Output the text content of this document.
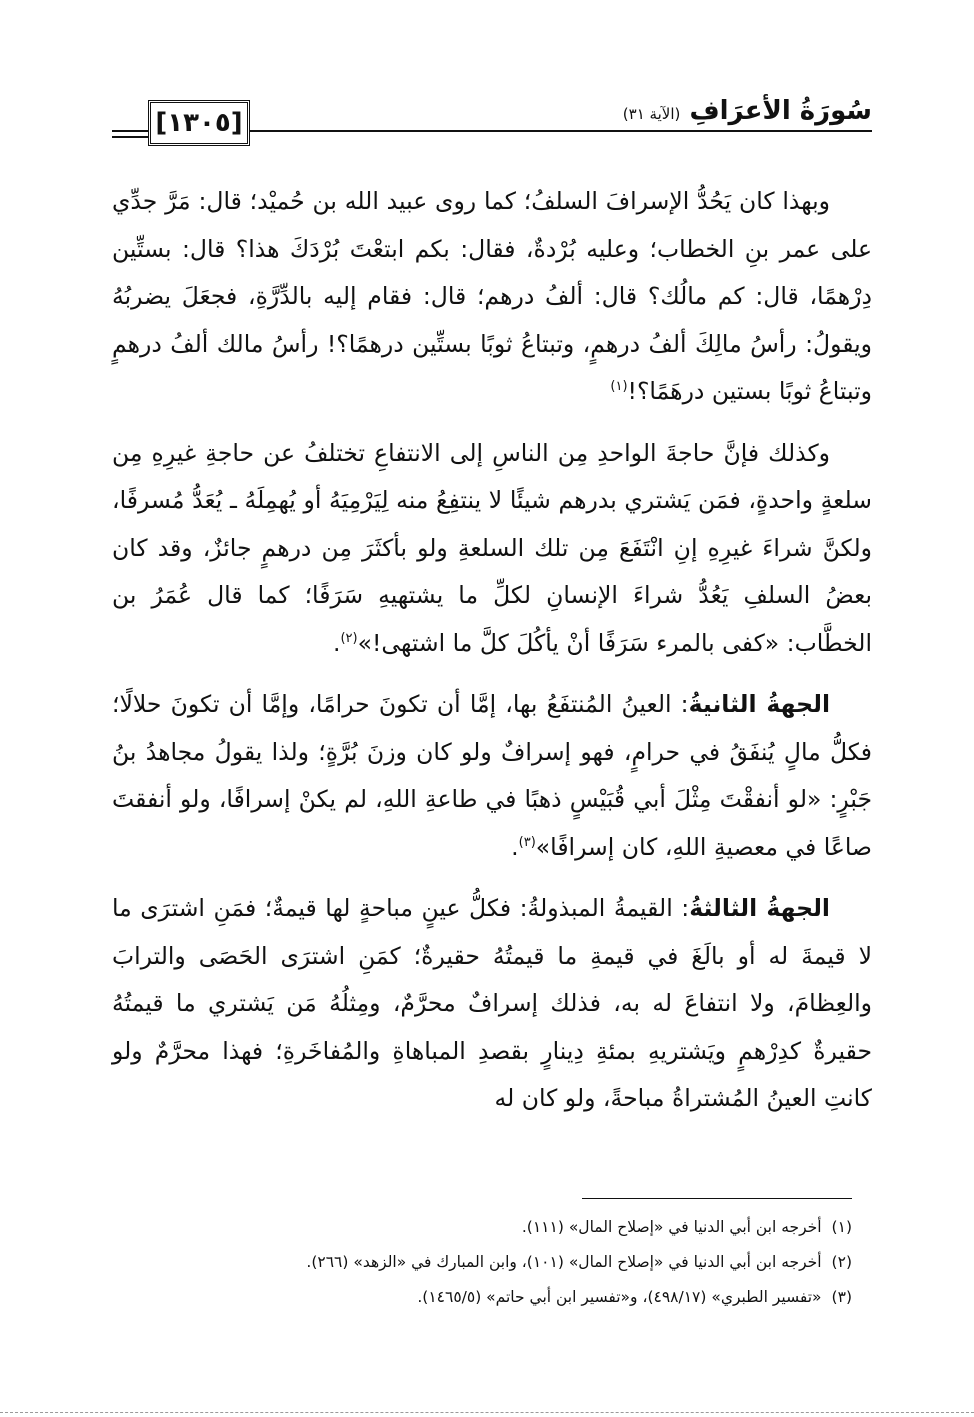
[١٣٠٥]	سُورَةُ الأعرَافِ (الآية ٣١)

وبهذا كان يَحُدُّ الإسرافَ السلفُ؛ كما روى عبيد الله بن حُميْد؛ قال: مَرَّ جدِّي على عمر بنِ الخطاب؛ وعليه بُرْدةٌ، فقال: بكم ابتعْتَ بُرْدَكَ هذا؟ قال: بستِّين دِرْهمًا، قال: كم مالُك؟ قال: ألفُ درهم؛ قال: فقام إليه بالدِّرَّةِ، فجعَلَ يضربُهُ ويقولُ: رأسُ مالِكَ ألفُ درهمٍ، وتبتاعُ ثوبًا بستِّين درهمًا؟! رأسُ مالك ألفُ درهمٍ وتبتاعُ ثوبًا بستين درهَمًا؟!$^{(١)}$

وكذلك فإنَّ حاجةَ الواحدِ مِن الناسِ إلى الانتفاعِ تختلفُ عن حاجةِ غيرِهِ مِن سلعةٍ واحدةٍ، فمَن يَشتري بدرهم شيئًا لا ينتفِعُ منه لِيَرْمِيَهُ أو يُهمِلَهُ ـ يُعَدُّ مُسرفًا، ولكنَّ شراءَ غيرِهِ إنِ انْتَفَعَ مِن تلك السلعةِ ولو بأكثَرَ مِن درهمٍ جائزٌ، وقد كان بعضُ السلفِ يَعُدُّ شراءَ الإنسانِ لكلِّ ما يشتهيهِ سَرَفًا؛ كما قال عُمَرُ بن الخطَّاب: «كفى بالمرء سَرَفًا أنْ يأكُلَ كلَّ ما اشتهى!»$^{(٢)}$.

الجهةُ الثانيةُ: العينُ المُنتفَعُ بها، إمَّا أن تكونَ حرامًا، وإمَّا أن تكونَ حلالًا؛ فكلُّ مالٍ يُنفَقُ في حرامٍ، فهو إسرافٌ ولو كان وزنَ بُرَّةٍ؛ ولذا يقولُ مجاهدُ بنُ جَبْرٍ: «لو أنفقْتَ مِثْلَ أبي قُبَيْسٍ ذهبًا في طاعةِ اللهِ، لم يكنْ إسرافًا، ولو أنفقتَ صاعًا في معصيةِ اللهِ، كان إسرافًا»$^{(٣)}$.

الجهةُ الثالثةُ: القيمةُ المبذولةُ: فكلُّ عينٍ مباحةٍ لها قيمةٌ؛ فمَنِ اشترَى ما لا قيمةَ له أو بالَغَ في قيمةِ ما قيمتُهُ حقيرةٌ؛ كمَنِ اشترَى الحَصَى والترابَ والعِظامَ، ولا انتفاعَ له به، فذلك إسرافٌ محرَّمٌ، ومِثلُهُ مَن يَشتري ما قيمتُهُ حقيرةٌ كدِرْهمٍ ويَشتريهِ بمئةِ دِينارٍ بقصدِ المباهاةِ والمُفاخَرةِ؛ فهذا محرَّمٌ ولو كانتِ العينُ المُشتراةُ مباحةً، ولو كان له

(١)أخرجه ابن أبي الدنيا في «إصلاح المال» (١١١).
(٢)أخرجه ابن أبي الدنيا في «إصلاح المال» (١٠١)، وابن المبارك في «الزهد» (٢٦٦).
(٣)«تفسير الطبري» (٤٩٨/١٧)، و«تفسير ابن أبي حاتم» (١٤٦٥/٥).
